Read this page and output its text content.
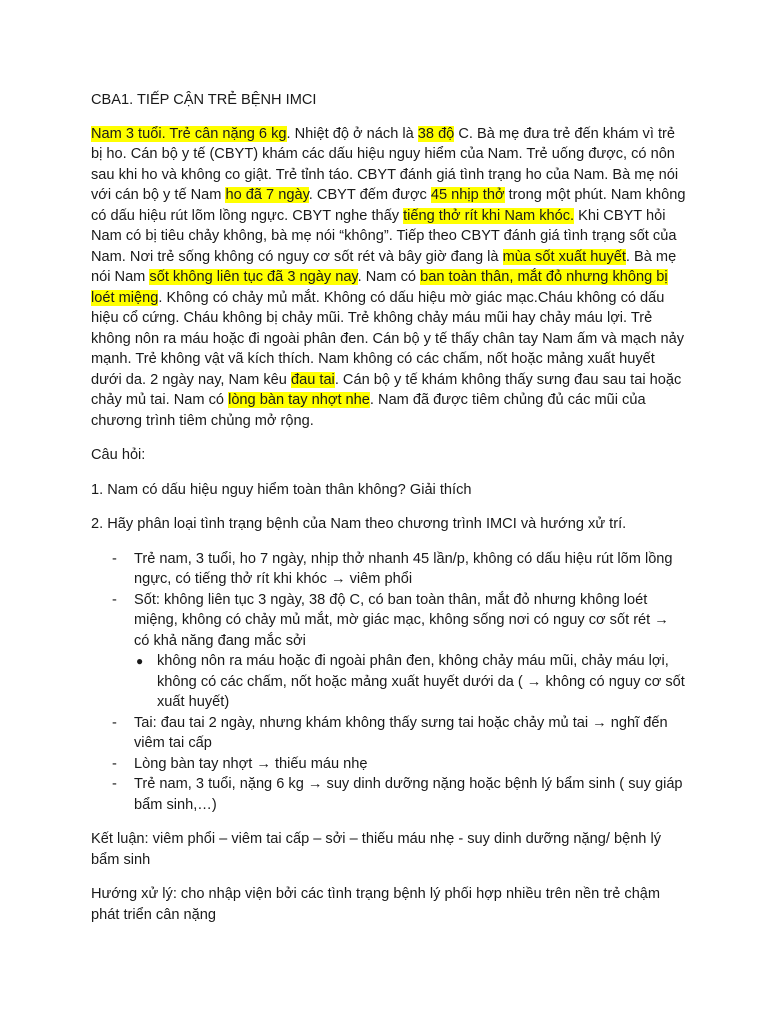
CBA1. TIẾP CẬN TRẺ BỆNH IMCI

Nam 3 tuổi. Trẻ cân nặng 6 kg. Nhiệt độ ở nách là 38 độ C. Bà mẹ đưa trẻ đến khám vì trẻ bị ho. Cán bộ y tế (CBYT) khám các dấu hiệu nguy hiểm của Nam. Trẻ uống được, có nôn sau khi ho và không co giật. Trẻ tỉnh táo. CBYT đánh giá tình trạng ho của Nam. Bà mẹ nói với cán bộ y tế Nam ho đã 7 ngày. CBYT đếm được 45 nhịp thở trong một phút. Nam không có dấu hiệu rút lõm lồng ngực. CBYT nghe thấy tiếng thở rít khi Nam khóc. Khi CBYT hỏi Nam có bị tiêu chảy không, bà mẹ nói “không”. Tiếp theo CBYT đánh giá tình trạng sốt của Nam. Nơi trẻ sống không có nguy cơ sốt rét và bây giờ đang là mùa sốt xuất huyết. Bà mẹ nói Nam sốt không liên tục đã 3 ngày nay. Nam có ban toàn thân, mắt đỏ nhưng không bị loét miệng. Không có chảy mủ mắt. Không có dấu hiệu mờ giác mạc.Cháu không có dấu hiệu cổ cứng. Cháu không bị chảy mũi. Trẻ không chảy máu mũi hay chảy máu lợi. Trẻ không nôn ra máu hoặc đi ngoài phân đen. Cán bộ y tế thấy chân tay Nam ấm và mạch nảy mạnh. Trẻ không vật vã kích thích. Nam không có các chấm, nốt hoặc mảng xuất huyết dưới da. 2 ngày nay, Nam kêu đau tai. Cán bộ y tế khám không thấy sưng đau sau tai hoặc chảy mủ tai. Nam có lòng bàn tay nhợt nhe. Nam đã được tiêm chủng đủ các mũi của chương trình tiêm chủng mở rộng.

Câu hỏi:

1. Nam có dấu hiệu nguy hiểm toàn thân không? Giải thích

2. Hãy phân loại tình trạng bệnh của Nam theo chương trình IMCI và hướng xử trí.

- Trẻ nam, 3 tuổi, ho 7 ngày, nhịp thở nhanh 45 lần/p, không có dấu hiệu rút lõm lồng ngực, có tiếng thở rít khi khóc → viêm phổi
- Sốt: không liên tục 3 ngày, 38 độ C, có ban toàn thân, mắt đỏ nhưng không loét miệng, không có chảy mủ mắt, mờ giác mạc, không sống nơi có nguy cơ sốt rét → có khả năng đang mắc sởi
● không nôn ra máu hoặc đi ngoài phân đen, không chảy máu mũi, chảy máu lợi, không có các chấm, nốt hoặc mảng xuất huyết dưới da ( → không có nguy cơ sốt xuất huyết)
- Tai: đau tai 2 ngày, nhưng khám không thấy sưng tai hoặc chảy mủ tai → nghĩ đến viêm tai cấp
- Lòng bàn tay nhợt → thiếu máu nhẹ
- Trẻ nam, 3 tuổi, nặng 6 kg → suy dinh dưỡng nặng hoặc bệnh lý bẩm sinh ( suy giáp bẩm sinh,…)

Kết luận: viêm phổi – viêm tai cấp – sởi – thiếu máu nhẹ - suy dinh dưỡng nặng/ bệnh lý bẩm sinh

Hướng xử lý: cho nhập viện bởi các tình trạng bệnh lý phối hợp nhiều trên nền trẻ chậm phát triển cân nặng
